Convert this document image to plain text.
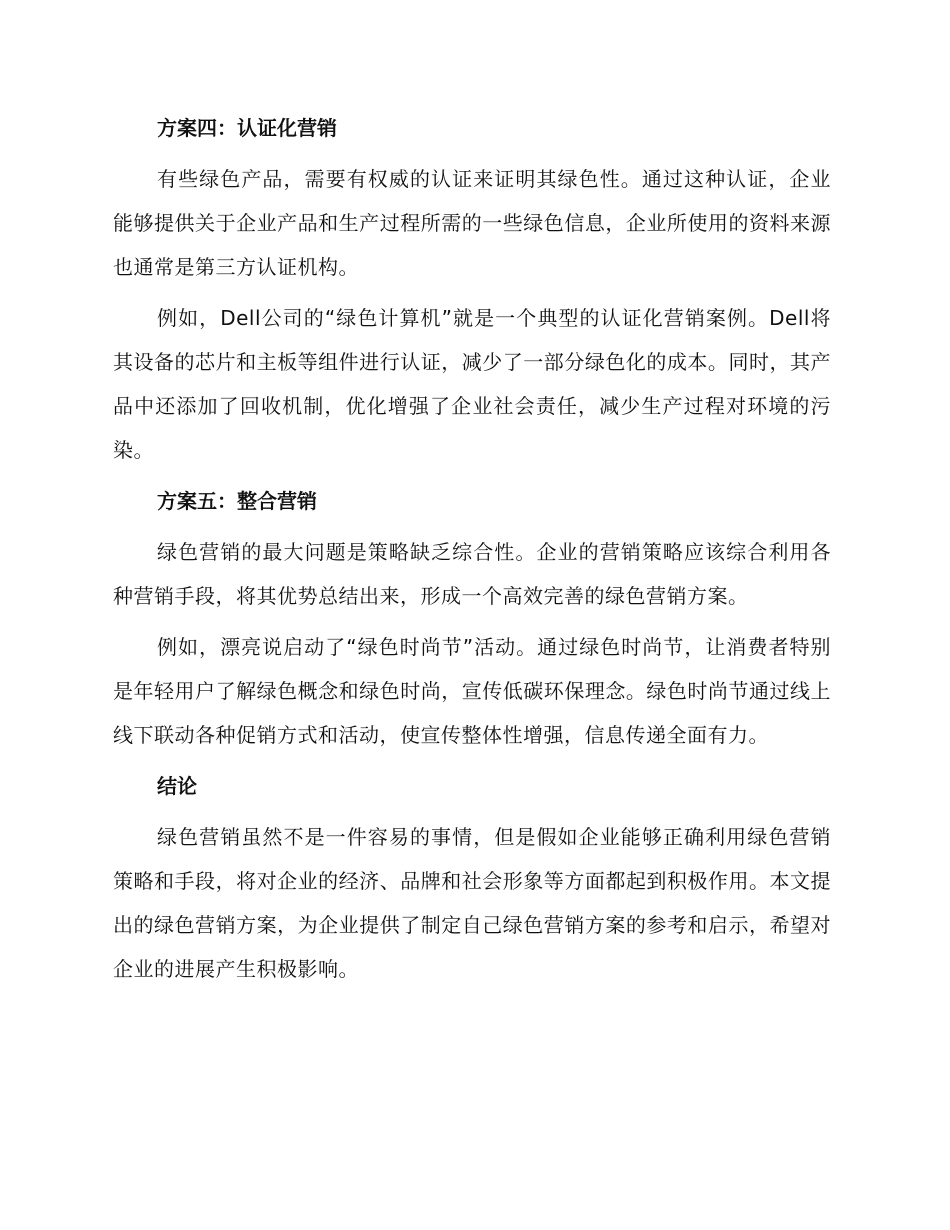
方案四：认证化营销

有些绿色产品，需要有权威的认证来证明其绿色性。通过这种认证，企业能够提供关于企业产品和生产过程所需的一些绿色信息，企业所使用的资料来源也通常是第三方认证机构。

例如，Dell公司的“绿色计算机”就是一个典型的认证化营销案例。Dell将其设备的芯片和主板等组件进行认证，减少了一部分绿色化的成本。同时，其产品中还添加了回收机制，优化增强了企业社会责任，减少生产过程对环境的污染。

方案五：整合营销

绿色营销的最大问题是策略缺乏综合性。企业的营销策略应该综合利用各种营销手段，将其优势总结出来，形成一个高效完善的绿色营销方案。

例如，漂亮说启动了“绿色时尚节”活动。通过绿色时尚节，让消费者特别是年轻用户了解绿色概念和绿色时尚，宣传低碳环保理念。绿色时尚节通过线上线下联动各种促销方式和活动，使宣传整体性增强，信息传递全面有力。

结论

绿色营销虽然不是一件容易的事情，但是假如企业能够正确利用绿色营销策略和手段，将对企业的经济、品牌和社会形象等方面都起到积极作用。本文提出的绿色营销方案，为企业提供了制定自己绿色营销方案的参考和启示，希望对企业的进展产生积极影响。
